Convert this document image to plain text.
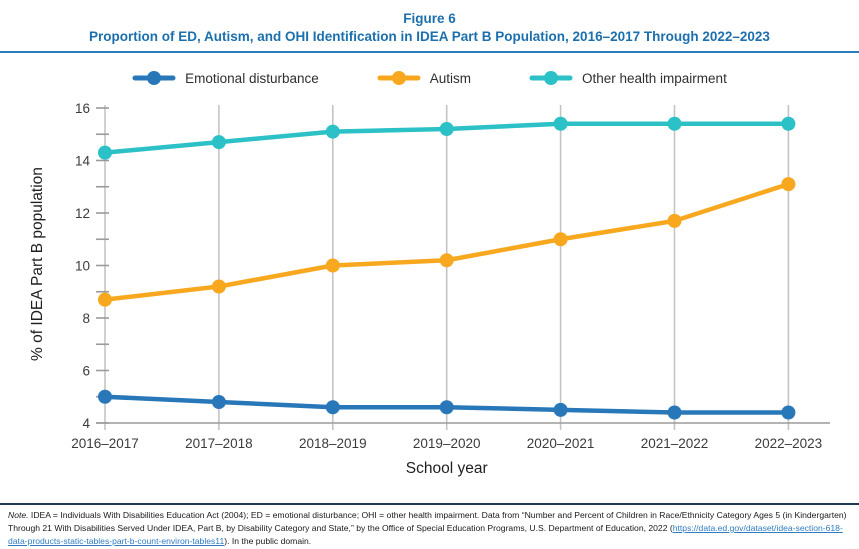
Figure 6
Proportion of ED, Autism, and OHI Identification in IDEA Part B Population, 2016–2017 Through 2022–2023
Emotional disturbance	Autism	Other health impairment
2016–2017	2017–2018	2018–2019	2019–2020	2020–2021	2021–2022	2022–2023
4
6
8
10
12
14
16
School year
% of IDEA Part B population

Note. IDEA = Individuals With Disabilities Education Act (2004); ED = emotional disturbance; OHI = other health impairment. Data from “Number and Percent of Children in Race/Ethnicity Category Ages 5 (in Kindergarten) Through 21 With Disabilities Served Under IDEA, Part B, by Disability Category and State,” by the Office of Special Education Programs, U.S. Department of Education, 2022 (https://data.ed.gov/dataset/idea-section-618-data-products-static-tables-part-b-count-environ-tables11). In the public domain.
